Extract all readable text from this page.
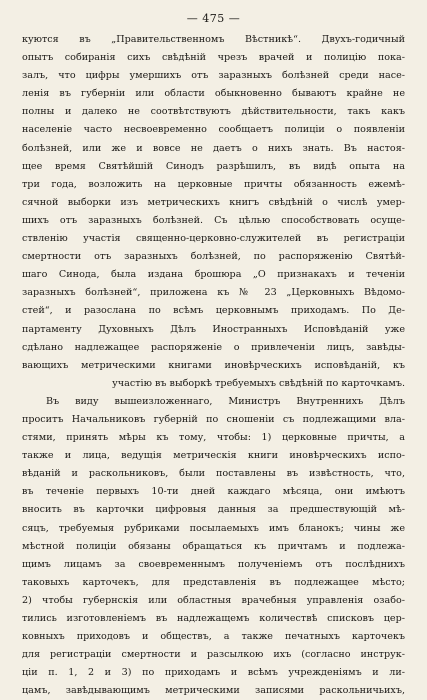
— 475 —
куются въ „Правительственномъ Вѣстникѣ“. Двухъ-годичный
опытъ собиранія сихъ свѣдѣній чрезъ врачей и полицію пока-
залъ, что цифры умершихъ отъ заразныхъ болѣзней среди насе-
ленія въ губерніи или области обыкновенно бываютъ крайне не
полны и далеко не соотвѣтствуютъ дѣйствительности, такъ какъ
населеніе часто несвоевременно сообщаетъ полиціи о появленіи
болѣзней, или же и вовсе не даетъ о нихъ знать. Въ настоя-
щее время Святѣйшій Синодъ разрѣшилъ, въ видѣ опыта на
три года, возложить на церковные причты обязанность ежемѣ-
сячной выборки изъ метрическихъ книгъ свѣдѣній о числѣ умер-
шихъ отъ заразныхъ болѣзней. Съ цѣлью способствовать осуще-
ствленію участія священно-церковно-служителей въ регистраціи
смертности отъ заразныхъ болѣзней, по распоряженію Святѣй-
шаго Синода, была издана брошюра „О признакахъ и теченіи
заразныхъ болѣзней“, приложена къ № 23 „Церковныхъ Вѣдомо-
стей“, и разослана по всѣмъ церковнымъ приходамъ. По Де-
партаменту Духовныхъ Дѣлъ Иностранныхъ Исповѣданій уже
сдѣлано надлежащее распоряженіе о привлеченіи лицъ, завѣды-
вающихъ метрическими книгами иновѣрческихъ исповѣданій, къ
участію въ выборкѣ требуемыхъ свѣдѣній по карточкамъ.
Въ виду вышеизложеннаго, Министръ Внутреннихъ Дѣлъ
проситъ Начальниковъ губерній по сношеніи съ подлежащими вла-
стями, принять мѣры къ тому, чтобы: 1) церковные причты, а
также и лица, ведущія метрическія книги иновѣрческихъ испо-
вѣданій и раскольниковъ, были поставлены въ извѣстность, что,
въ теченіе первыхъ 10-ти дней каждаго мѣсяца, они имѣютъ
вносить въ карточки цифровыя данныя за предшествующій мѣ-
сяцъ, требуемыя рубриками посылаемыхъ имъ бланокъ; чины же
мѣстной полиціи обязаны обращаться къ причтамъ и подлежа-
щимъ лицамъ за своевременнымъ полученіемъ отъ послѣднихъ
таковыхъ карточекъ, для представленія въ подлежащее мѣсто;
2) чтобы губернскія или областныя врачебныя управленія озабо-
тились изготовленіемъ въ надлежащемъ количествѣ списковъ цер-
ковныхъ приходовъ и обществъ, а также печатныхъ карточекъ
для регистраціи смертности и разсылкою ихъ (согласно инструк-
ціи п. 1, 2 и 3) по приходамъ и всѣмъ учрежденіямъ и ли-
цамъ, завѣдывающимъ метрическими записями раскольничьихъ,
